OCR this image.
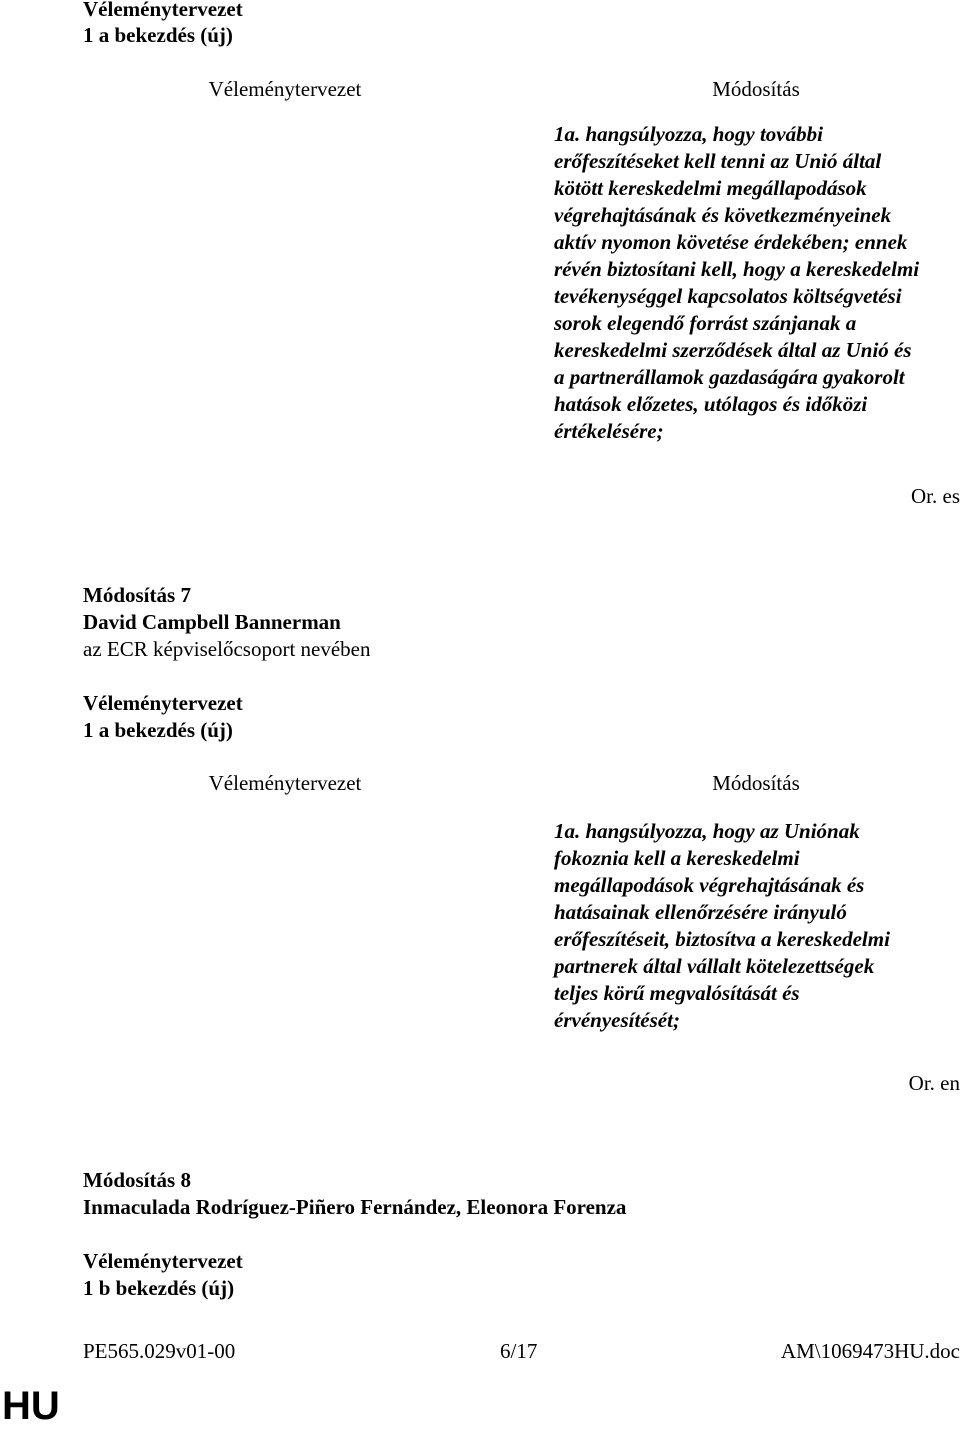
Véleménytervezet
1 a bekezdés (új)
Véleménytervezet	Módosítás

1a. hangsúlyozza, hogy további

erőfeszítéseket kell tenni az Unió által

kötött kereskedelmi megállapodások

végrehajtásának és következményeinek

aktív nyomon követése érdekében; ennek

révén biztosítani kell, hogy a kereskedelmi

tevékenységgel kapcsolatos költségvetési

sorok elegendő forrást szánjanak a

kereskedelmi szerződések által az Unió és

a partnerállamok gazdaságára gyakorolt

hatások előzetes, utólagos és időközi

értékelésére;

Or. es
Módosítás 7
David Campbell Bannerman
az ECR képviselőcsoport nevében
Véleménytervezet
1 a bekezdés (új)
Véleménytervezet	Módosítás

1a. hangsúlyozza, hogy az Uniónak

fokoznia kell a kereskedelmi

megállapodások végrehajtásának és

hatásainak ellenőrzésére irányuló

erőfeszítéseit, biztosítva a kereskedelmi

partnerek által vállalt kötelezettségek

teljes körű megvalósítását és

érvényesítését;

Or. en
Módosítás 8
Inmaculada Rodríguez-Piñero Fernández, Eleonora Forenza
Véleménytervezet
1 b bekezdés (új)
PE565.029v01-00	6/17	AM\1069473HU.doc
HU
